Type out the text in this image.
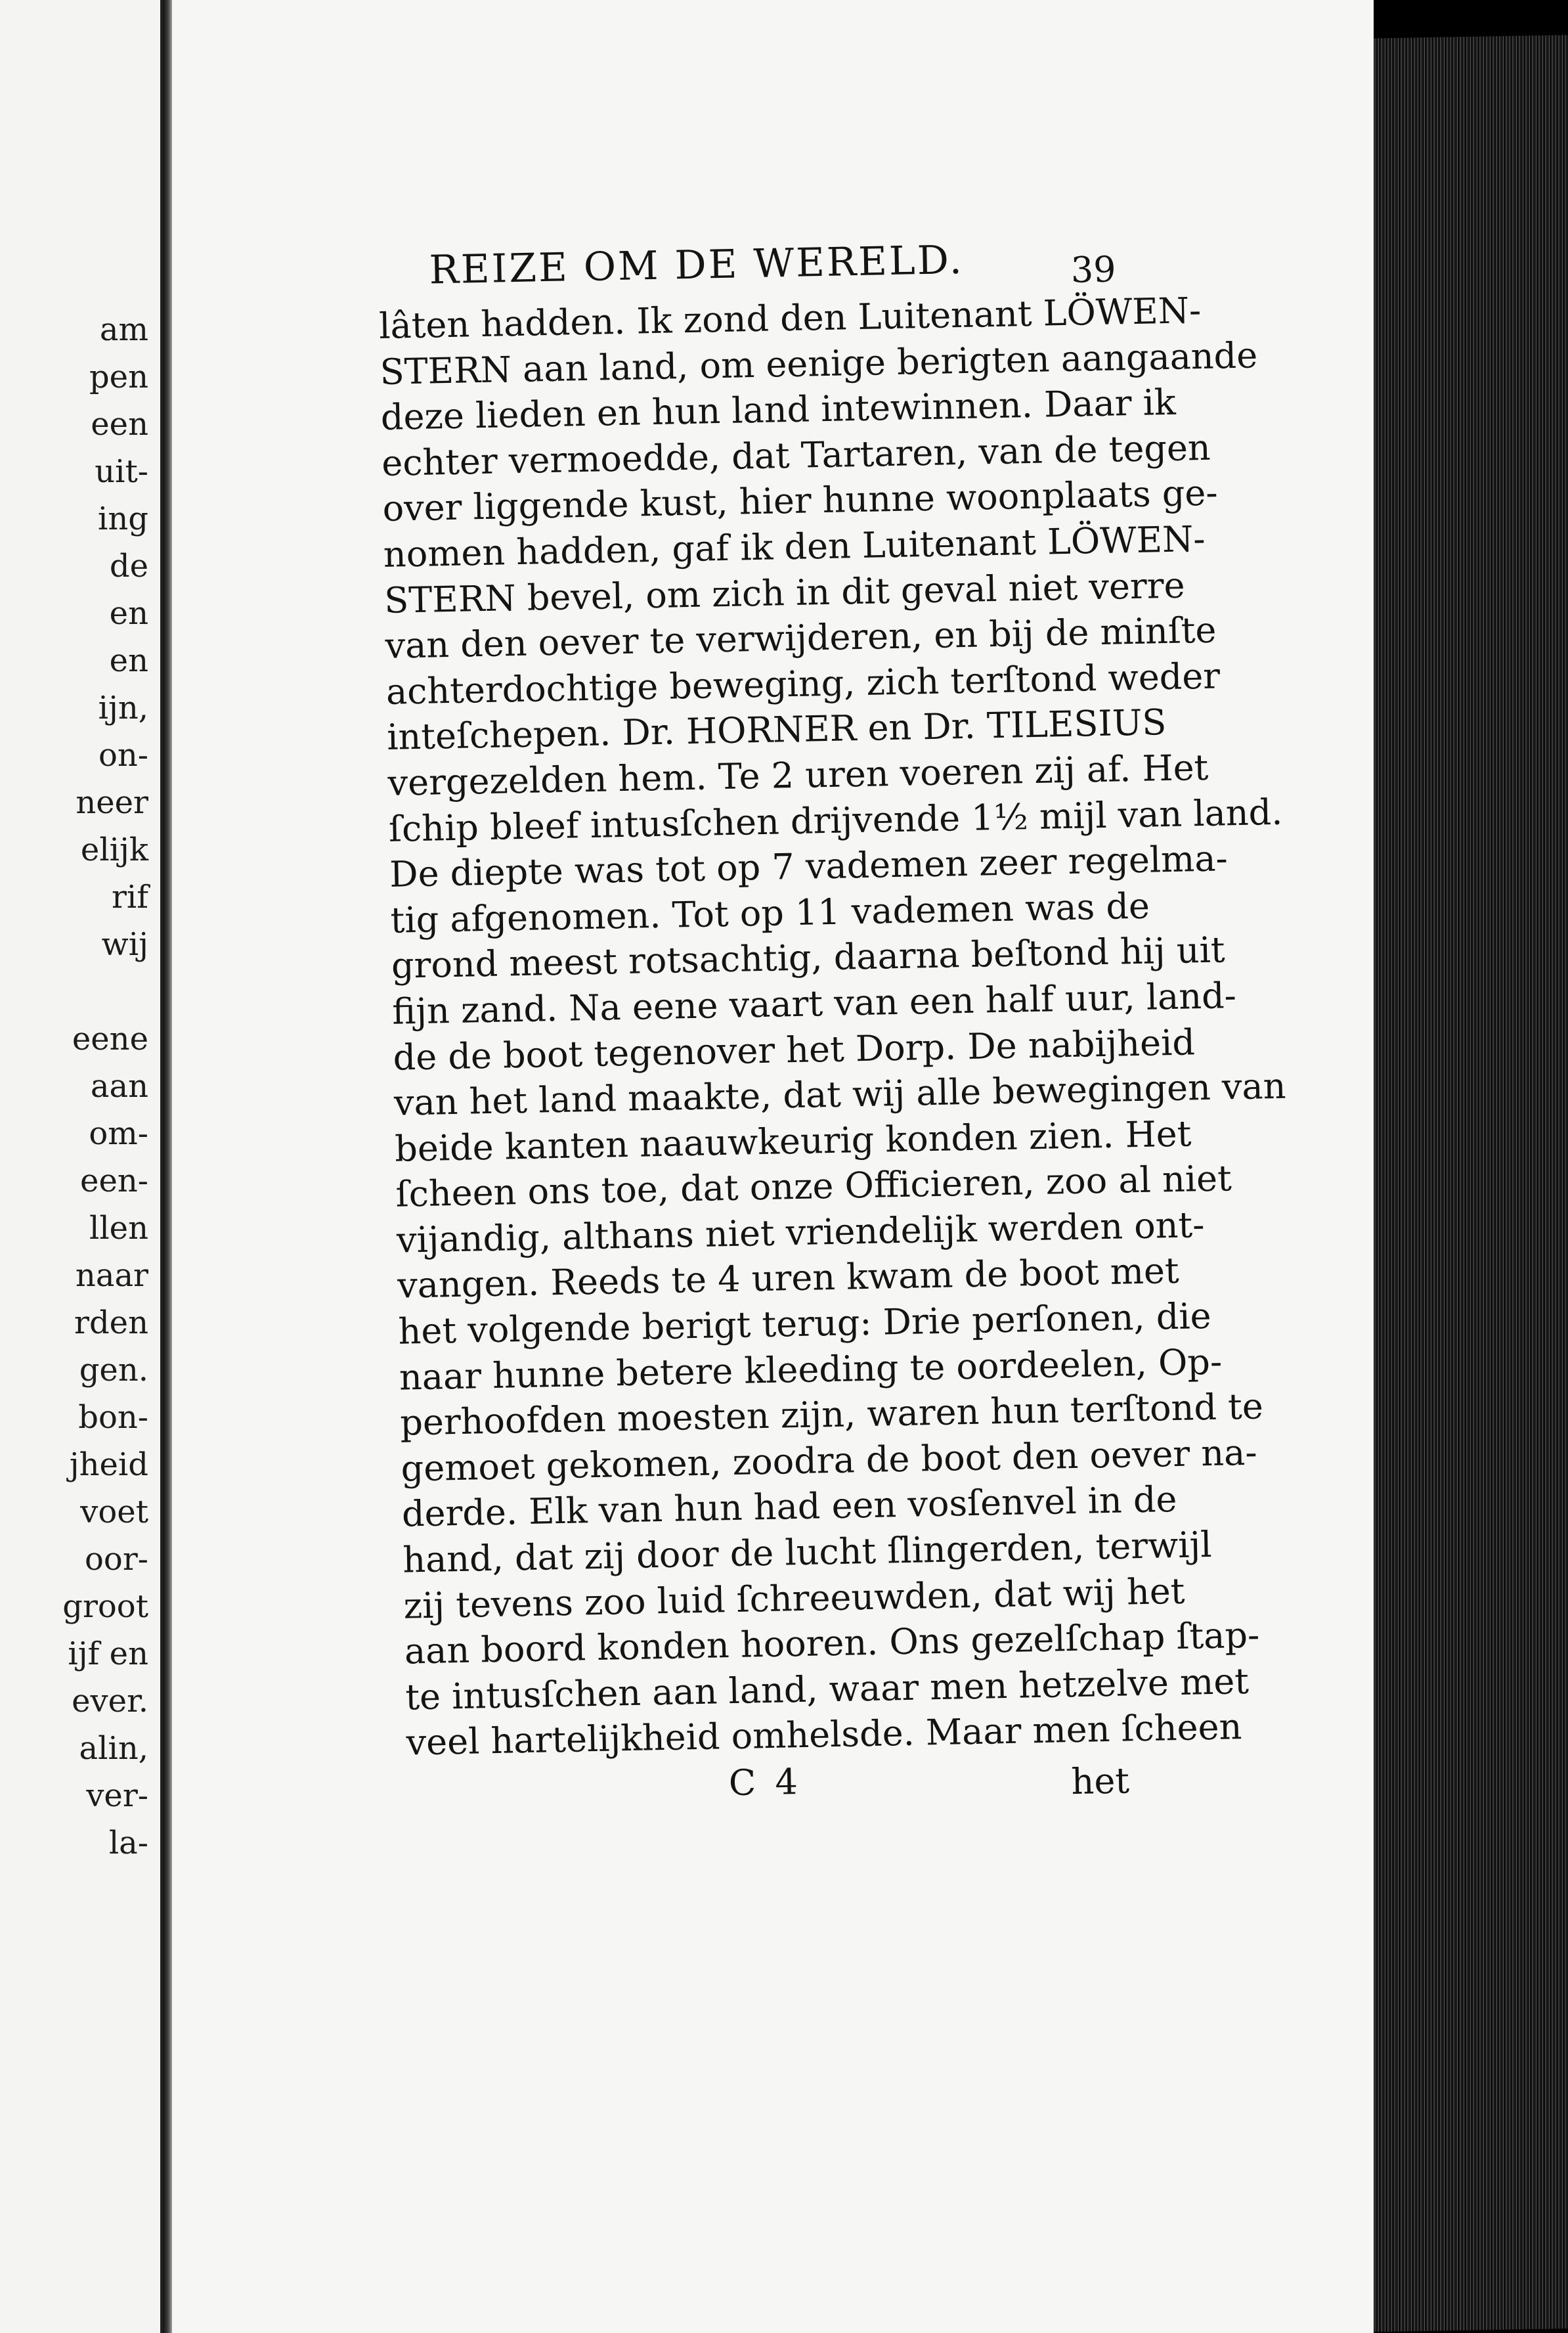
am
pen
een
uit-
ing
de
en
en
ijn,
on-
neer
elijk
rif
wij
eene
aan
om-
een-
llen
naar
rden
gen.
bon-
jheid
voet
oor-
groot
ijf en
ever.
alin,
ver-
la-
REIZE OM DE WERELD.	39
lâten hadden. Ik zond den Luitenant LÖWEN-
STERN aan land, om eenige berigten aangaande
deze lieden en hun land intewinnen. Daar ik
echter vermoedde, dat Tartaren, van de tegen
over liggende kust, hier hunne woonplaats ge-
nomen hadden, gaf ik den Luitenant LÖWEN-
STERN bevel, om zich in dit geval niet verre
van den oever te verwijderen, en bij de minſte
achterdochtige beweging, zich terſtond weder
inteſchepen. Dr. HORNER en Dr. TILESIUS
vergezelden hem. Te 2 uren voeren zij af. Het
ſchip bleef intusſchen drijvende 1½ mijl van land.
De diepte was tot op 7 vademen zeer regelma-
tig afgenomen. Tot op 11 vademen was de
grond meest rotsachtig, daarna beſtond hij uit
fijn zand. Na eene vaart van een half uur, land-
de de boot tegenover het Dorp. De nabijheid
van het land maakte, dat wij alle bewegingen van
beide kanten naauwkeurig konden zien. Het
ſcheen ons toe, dat onze Officieren, zoo al niet
vijandig, althans niet vriendelijk werden ont-
vangen. Reeds te 4 uren kwam de boot met
het volgende berigt terug: Drie perſonen, die
naar hunne betere kleeding te oordeelen, Op-
perhoofden moesten zijn, waren hun terſtond te
gemoet gekomen, zoodra de boot den oever na-
derde. Elk van hun had een vosſenvel in de
hand, dat zij door de lucht ſlingerden, terwijl
zij tevens zoo luid ſchreeuwden, dat wij het
aan boord konden hooren. Ons gezelſchap ſtap-
te intusſchen aan land, waar men hetzelve met
veel hartelijkheid omhelsde. Maar men ſcheen
C 4	het
